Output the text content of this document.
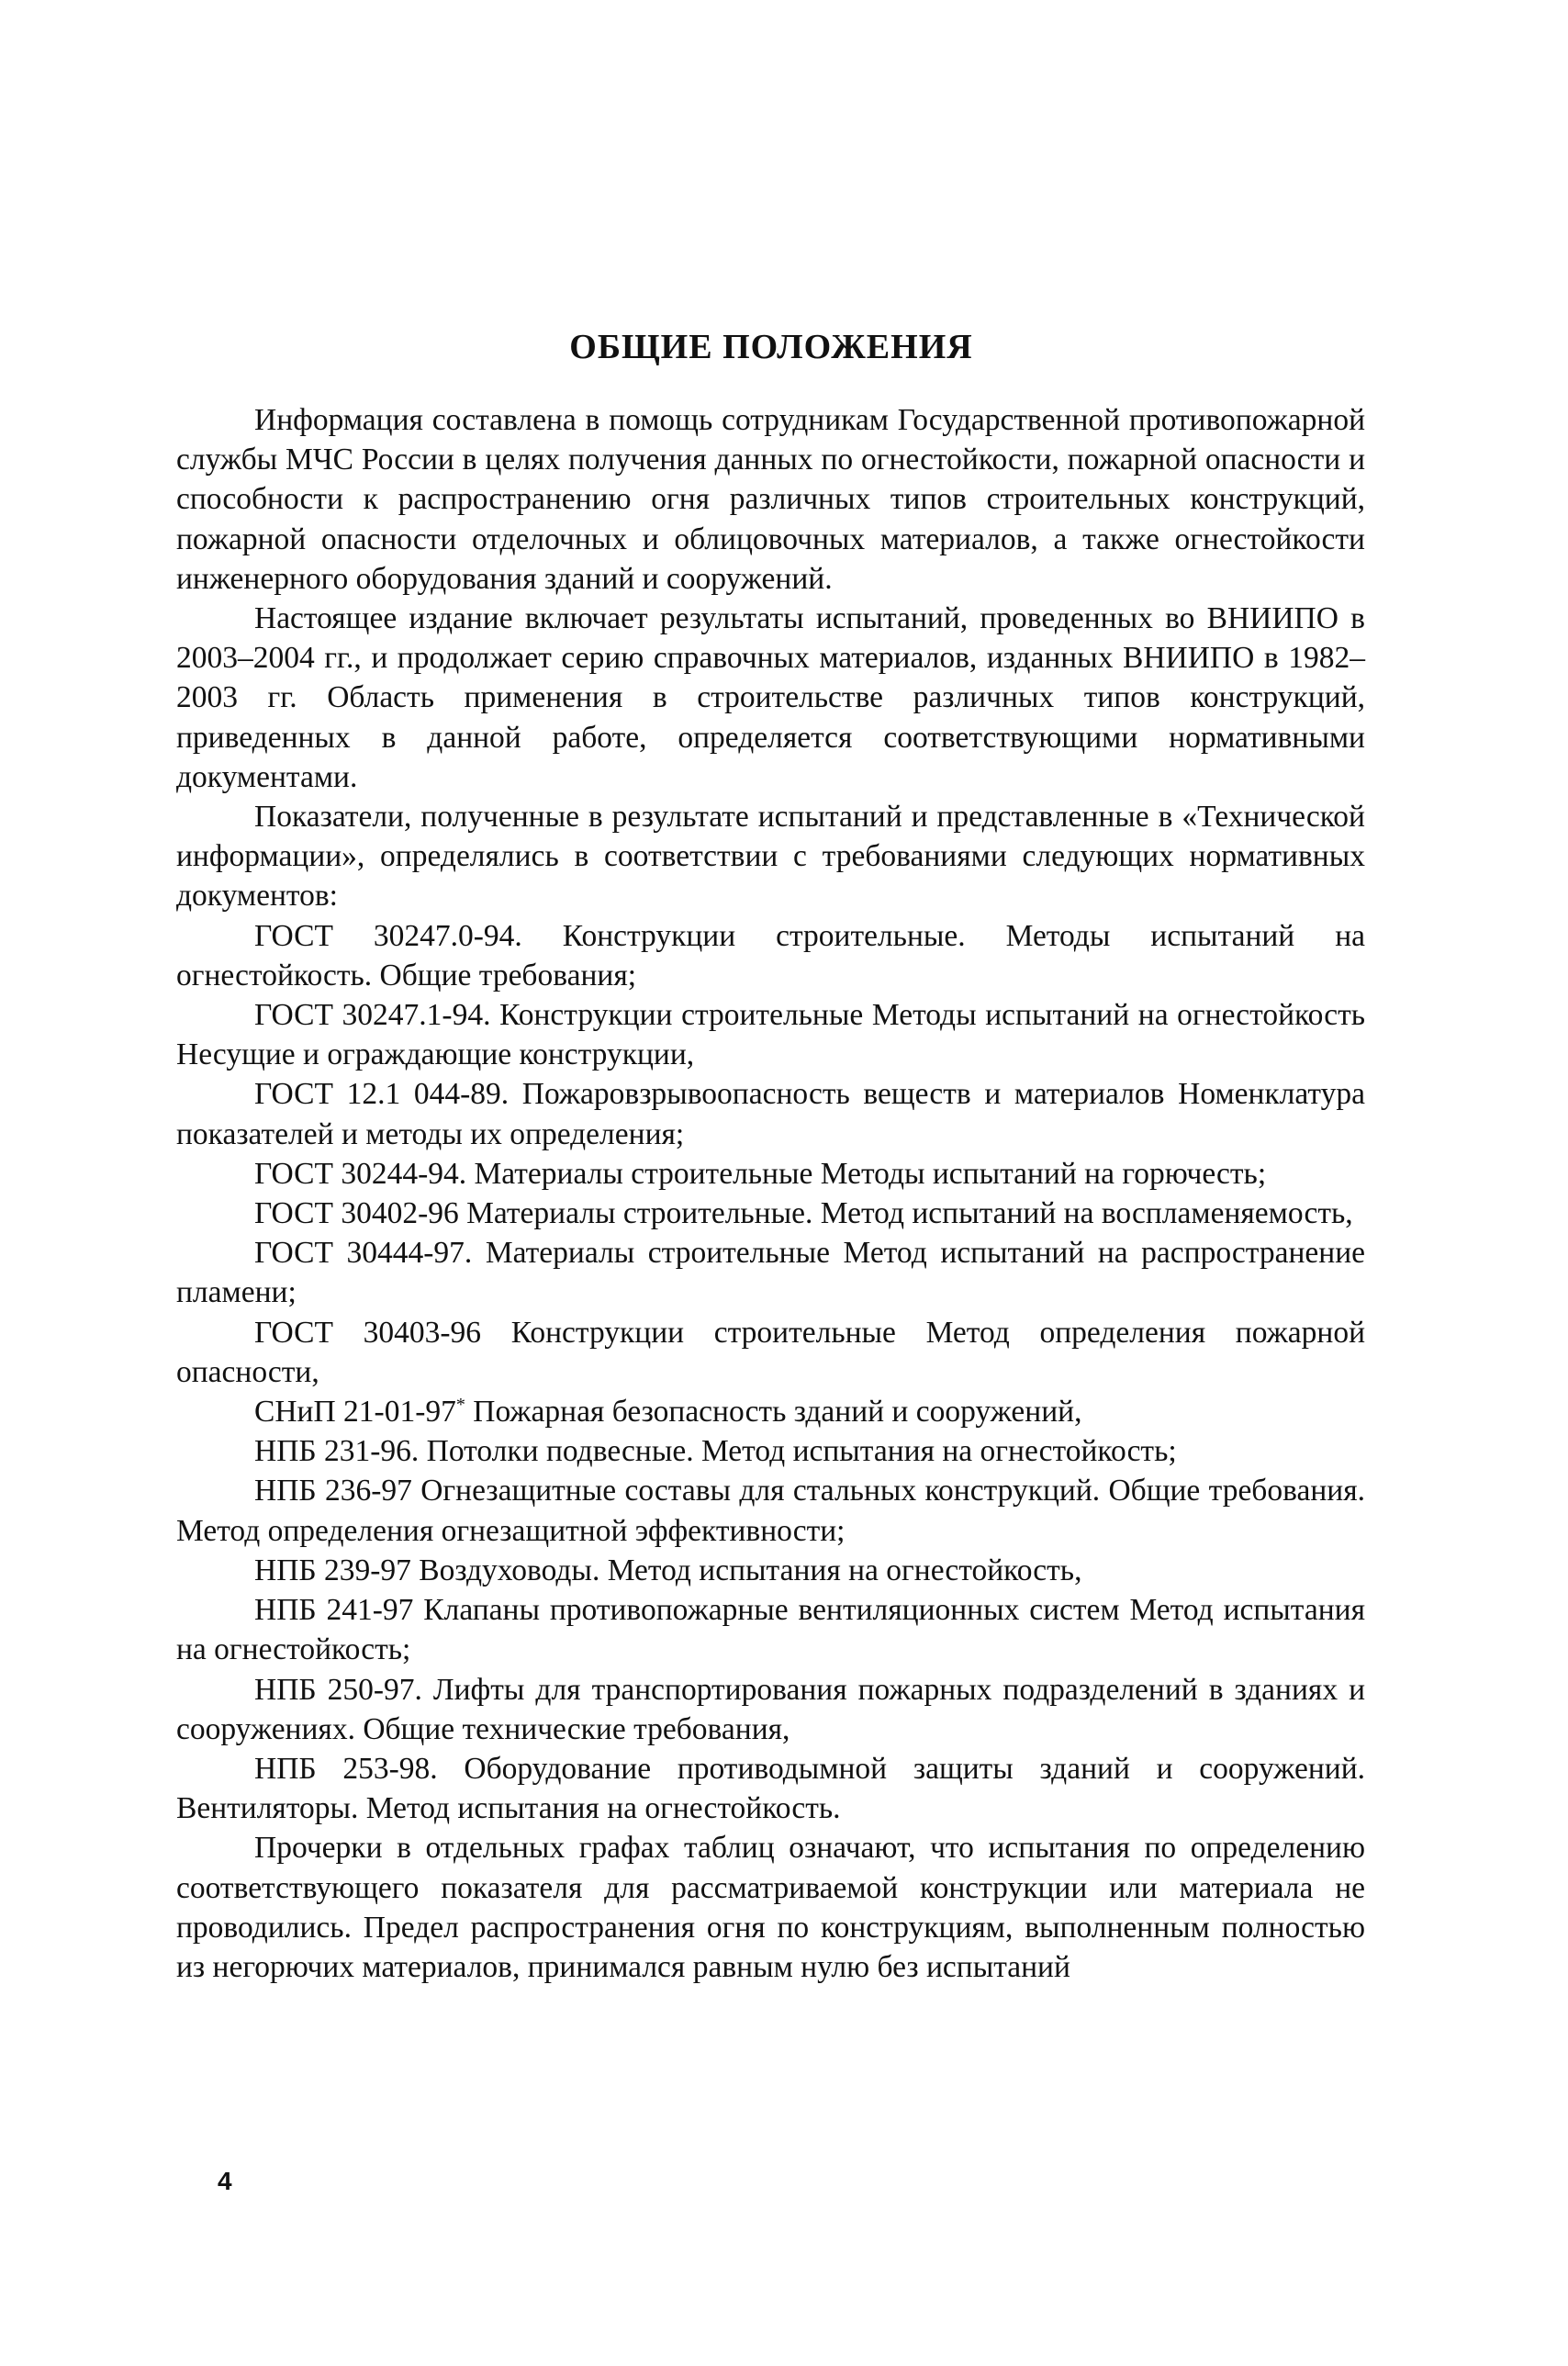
ОБЩИЕ ПОЛОЖЕНИЯ

Информация составлена в помощь сотрудникам Государственной противопожарной службы МЧС России в целях получения данных по огнестойкости, пожарной опасности и способности к распространению огня различных типов строительных конструкций, пожарной опасности отделочных и облицовочных материалов, а также огнестойкости инженерного оборудования зданий и сооружений.

Настоящее издание включает результаты испытаний, проведенных во ВНИИПО в 2003–2004 гг., и продолжает серию справочных материалов, изданных ВНИИПО в 1982–2003 гг. Область применения в строительстве различных типов конструкций, приведенных в данной работе, определяется соответствующими нормативными документами.

Показатели, полученные в результате испытаний и представленные в «Технической информации», определялись в соответствии с требованиями следующих нормативных документов:

ГОСТ 30247.0-94. Конструкции строительные. Методы испытаний на огнестойкость. Общие требования;

ГОСТ 30247.1-94. Конструкции строительные Методы испытаний на огнестойкость Несущие и ограждающие конструкции,

ГОСТ 12.1 044-89. Пожаровзрывоопасность веществ и материалов Номенклатура показателей и методы их определения;

ГОСТ 30244-94. Материалы строительные Методы испытаний на горючесть;

ГОСТ 30402-96 Материалы строительные. Метод испытаний на воспламеняемость,

ГОСТ 30444-97. Материалы строительные Метод испытаний на распространение пламени;

ГОСТ 30403-96 Конструкции строительные Метод определения пожарной опасности,

СНиП 21-01-97* Пожарная безопасность зданий и сооружений,

НПБ 231-96. Потолки подвесные. Метод испытания на огнестойкость;

НПБ 236-97 Огнезащитные составы для стальных конструкций. Общие требования. Метод определения огнезащитной эффективности;

НПБ 239-97 Воздуховоды. Метод испытания на огнестойкость,

НПБ 241-97 Клапаны противопожарные вентиляционных систем Метод испытания на огнестойкость;

НПБ 250-97. Лифты для транспортирования пожарных подразделений в зданиях и сооружениях. Общие технические требования,

НПБ 253-98. Оборудование противодымной защиты зданий и сооружений. Вентиляторы. Метод испытания на огнестойкость.

Прочерки в отдельных графах таблиц означают, что испытания по определению соответствующего показателя для рассматриваемой конструкции или материала не проводились. Предел распространения огня по конструкциям, выполненным полностью из негорючих материалов, принимался равным нулю без испытаний

4
